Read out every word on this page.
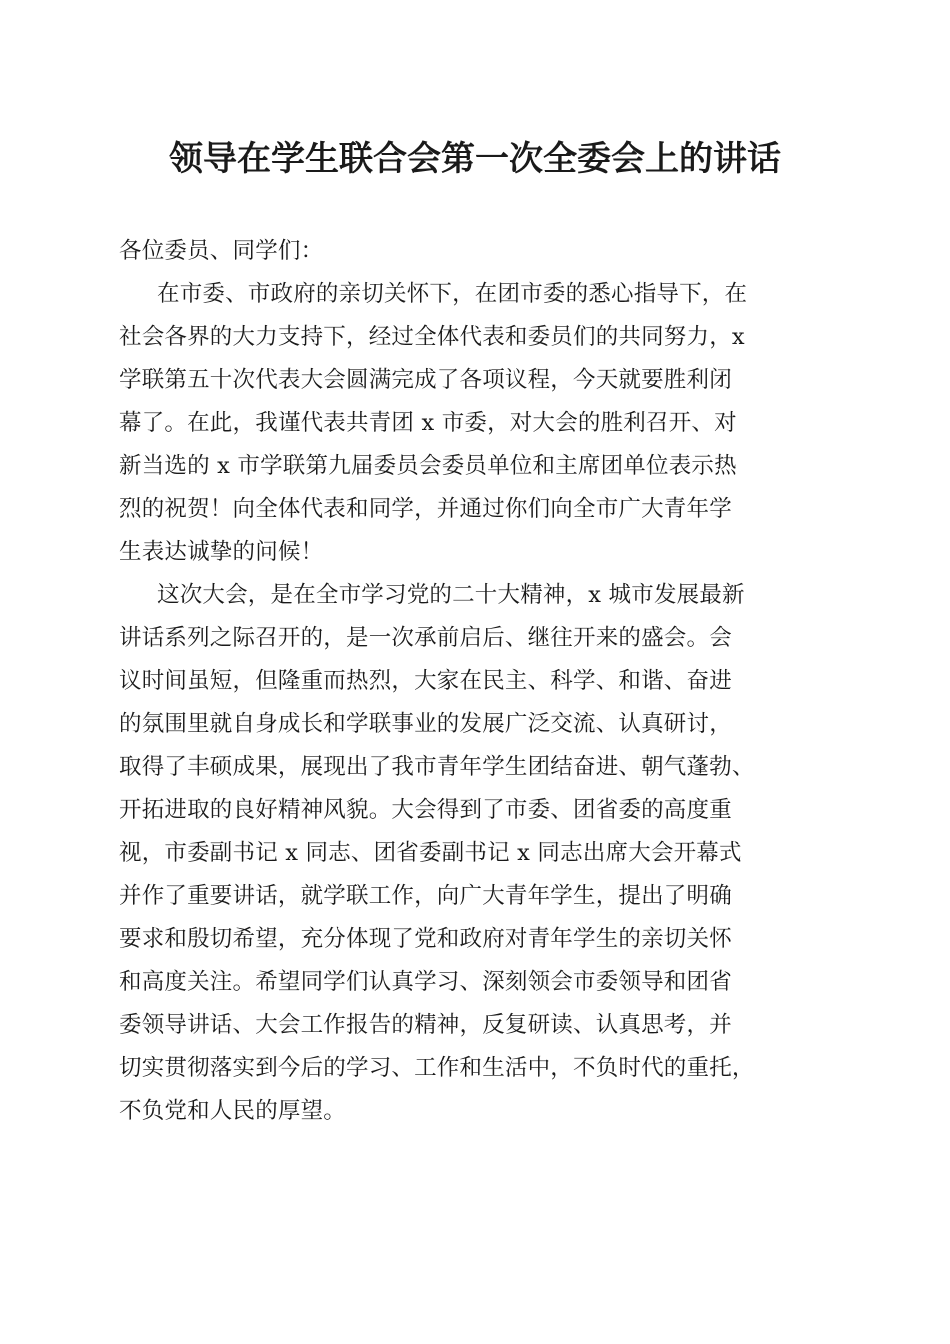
领导在学生联合会第一次全委会上的讲话
各位委员、同学们：
在市委、市政府的亲切关怀下，在团市委的悉心指导下，在
社会各界的大力支持下，经过全体代表和委员们的共同努力，x
学联第五十次代表大会圆满完成了各项议程，今天就要胜利闭
幕了。在此，我谨代表共青团 x 市委，对大会的胜利召开、对
新当选的 x 市学联第九届委员会委员单位和主席团单位表示热
烈的祝贺！向全体代表和同学，并通过你们向全市广大青年学
生表达诚挚的问候！
这次大会，是在全市学习党的二十大精神，x 城市发展最新
讲话系列之际召开的，是一次承前启后、继往开来的盛会。会
议时间虽短，但隆重而热烈，大家在民主、科学、和谐、奋进
的氛围里就自身成长和学联事业的发展广泛交流、认真研讨，
取得了丰硕成果，展现出了我市青年学生团结奋进、朝气蓬勃、
开拓进取的良好精神风貌。大会得到了市委、团省委的高度重
视，市委副书记 x 同志、团省委副书记 x 同志出席大会开幕式
并作了重要讲话，就学联工作，向广大青年学生，提出了明确
要求和殷切希望，充分体现了党和政府对青年学生的亲切关怀
和高度关注。希望同学们认真学习、深刻领会市委领导和团省
委领导讲话、大会工作报告的精神，反复研读、认真思考，并
切实贯彻落实到今后的学习、工作和生活中，不负时代的重托，
不负党和人民的厚望。
